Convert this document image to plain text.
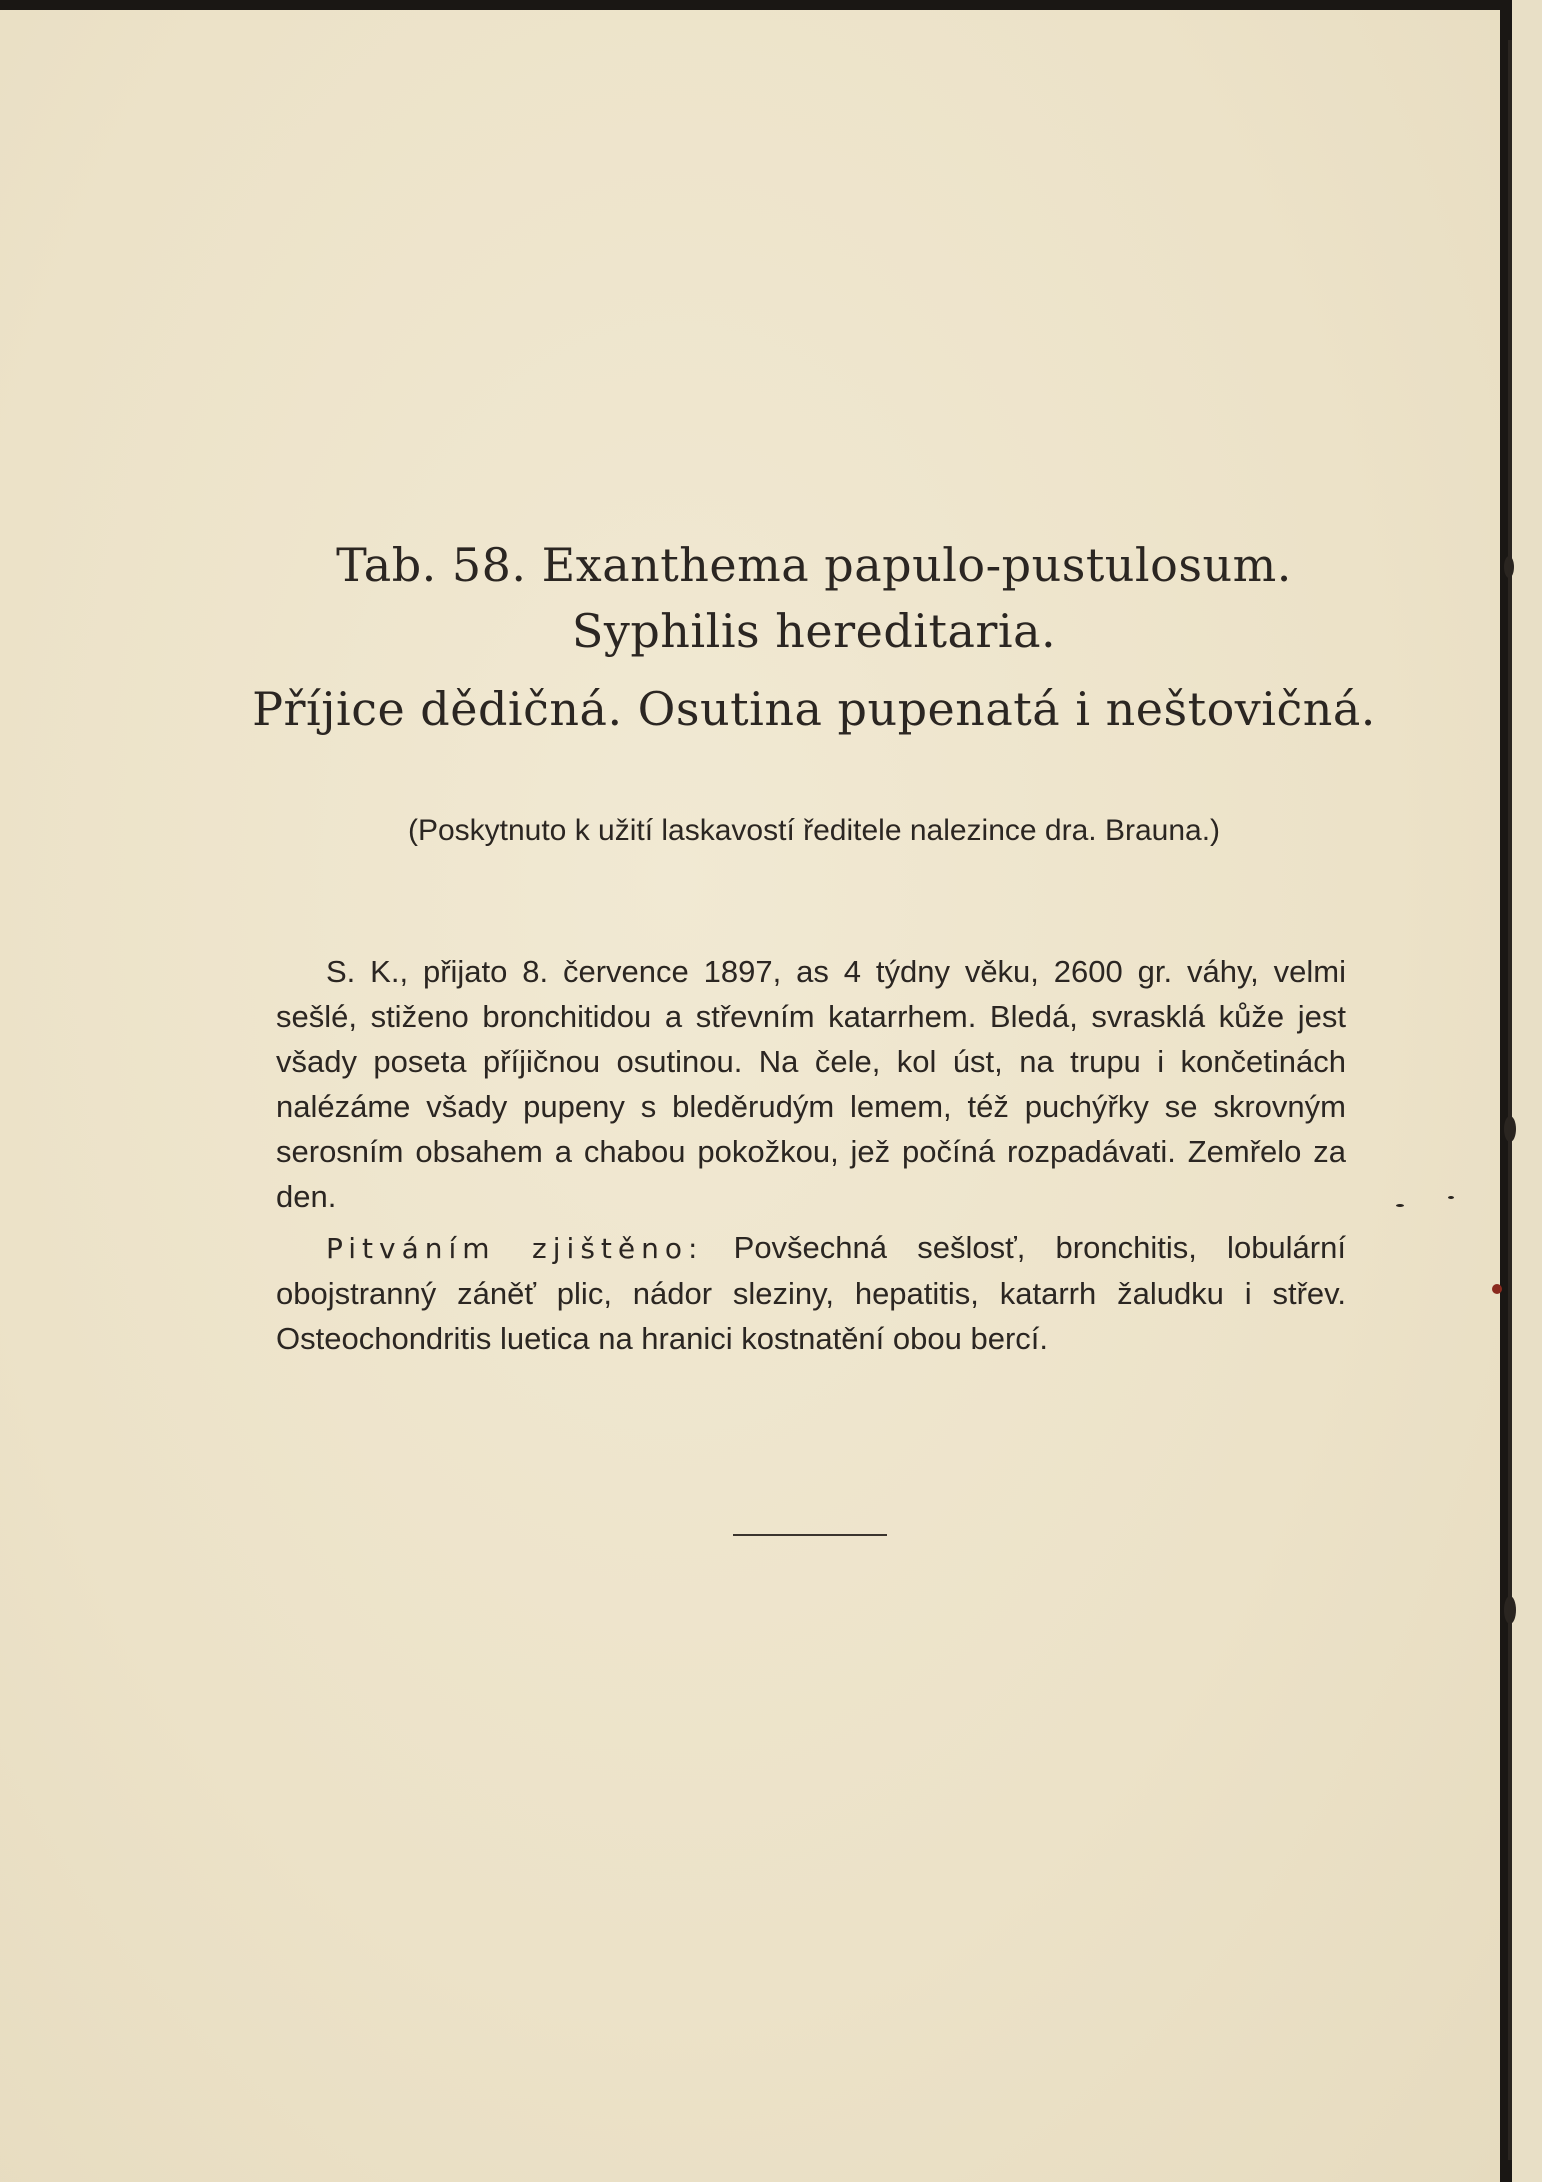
Tab. 58. Exanthema papulo-pustulosum.
Syphilis hereditaria.
Příjice dědičná. Osutina pupenatá i neštovičná.
(Poskytnuto k užití laskavostí ředitele nalezince dra. Brauna.)

S. K., přijato 8. července 1897, as 4 týdny věku, 2600 gr. váhy, velmi sešlé, stiženo bronchitidou a střevním katarrhem. Bledá, svrasklá kůže jest všady poseta příjičnou osutinou. Na čele, kol úst, na trupu i končetinách nalézáme všady pupeny s bleděrudým lemem, též puchýřky se skrovným serosním obsahem a chabou pokožkou, jež počíná rozpadávati. Zemřelo za den.

Pitváním zjištěno: Povšechná sešlosť, bronchitis, lobulární obojstranný záněť plic, nádor sleziny, hepatitis, katarrh žaludku i střev. Osteochondritis luetica na hranici kostnatění obou bercí.
